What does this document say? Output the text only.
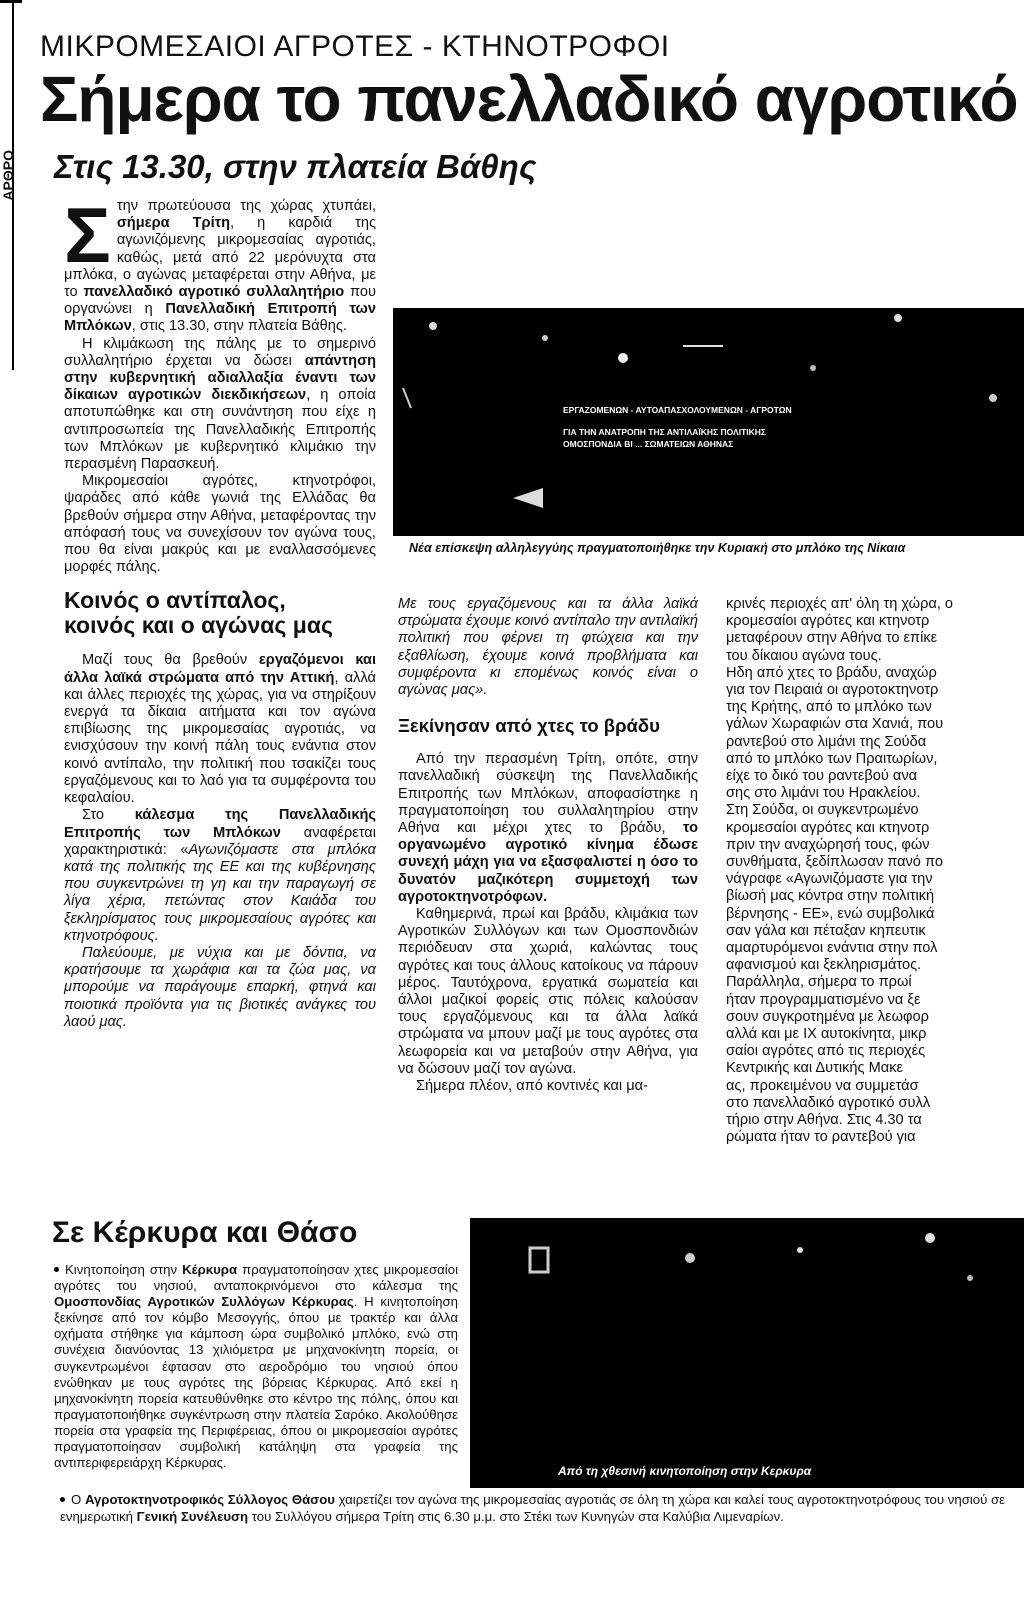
ΑΡΘΡΟ
ΜΙΚΡΟΜΕΣΑΙΟΙ ΑΓΡΟΤΕΣ - ΚΤΗΝΟΤΡΟΦΟΙ
Σήμερα το πανελλαδικό αγροτικό
Στις 13.30, στην πλατεία Βάθης

Στην πρωτεύουσα της χώρας χτυπάει, σήμερα Τρίτη, η καρδιά της αγωνιζόμενης μικρομεσαίας αγροτιάς, καθώς, μετά από 22 μερόνυχτα στα μπλόκα, ο αγώνας μεταφέρεται στην Αθήνα, με το πανελλαδικό αγροτικό συλλαλητήριο που οργανώνει η Πανελλαδική Επιτροπή των Μπλόκων, στις 13.30, στην πλατεία Βάθης.

Η κλιμάκωση της πάλης με το σημερινό συλλαλητήριο έρχεται να δώσει απάντηση στην κυβερνητική αδιαλλαξία έναντι των δίκαιων αγροτικών διεκδικήσεων, η οποία αποτυπώθηκε και στη συνάντηση που είχε η αντιπροσωπεία της Πανελλαδικής Επιτροπής των Μπλόκων με κυβερνητικό κλιμάκιο την περασμένη Παρασκευή.

Μικρομεσαίοι αγρότες, κτηνοτρόφοι, ψαράδες από κάθε γωνιά της Ελλάδας θα βρεθούν σήμερα στην Αθήνα, μεταφέροντας την απόφασή τους να συνεχίσουν τον αγώνα τους, που θα είναι μακρύς και με εναλλασσόμενες μορφές πάλης.

Κοινός ο αντίπαλος,
κοινός και ο αγώνας μας

Μαζί τους θα βρεθούν εργαζόμενοι και άλλα λαϊκά στρώματα από την Αττική, αλλά και άλλες περιοχές της χώρας, για να στηρίξουν ενεργά τα δίκαια αιτήματα και τον αγώνα επιβίωσης της μικρομεσαίας αγροτιάς, να ενισχύσουν την κοινή πάλη τους ενάντια στον κοινό αντίπαλο, την πολιτική που τσακίζει τους εργαζόμενους και το λαό για τα συμφέροντα του κεφαλαίου.

Στο κάλεσμα της Πανελλαδικής Επιτροπής των Μπλόκων αναφέρεται χαρακτηριστικά: «Αγωνιζόμαστε στα μπλόκα κατά της πολιτικής της ΕΕ και της κυβέρνησης που συγκεντρώνει τη γη και την παραγωγή σε λίγα χέρια, πετώντας στον Καιάδα του ξεκληρίσματος τους μικρομεσαίους αγρότες και κτηνοτρόφους.

Παλεύουμε, με νύχια και με δόντια, να κρατήσουμε τα χωράφια και τα ζώα μας, να μπορούμε να παράγουμε επαρκή, φτηνά και ποιοτικά προϊόντα για τις βιοτικές ανάγκες του λαού μας.

ΕΡΓΑΖΟΜΕΝΩΝ - ΑΥΤΟΑΠΑΣΧΟΛΟΥΜΕΝΩΝ - ΑΓΡΟΤΩΝ
ΓΙΑ ΤΗΝ ΑΝΑΤΡΟΠΗ ΤΗΣ ΑΝΤΙΛΑΪΚΗΣ ΠΟΛΙΤΙΚΗΣ
ΟΜΟΣΠΟΝΔΙΑ ΒΙ ... ΣΩΜΑΤΕΙΩΝ ΑΘΗΝΑΣ
Νέα επίσκεψη αλληλεγγύης πραγματοποιήθηκε την Κυριακή στο μπλόκο της Νίκαια

Με τους εργαζόμενους και τα άλλα λαϊκά στρώματα έχουμε κοινό αντίπαλο την αντιλαϊκή πολιτική που φέρνει τη φτώχεια και την εξαθλίωση, έχουμε κοινά προβλήματα και συμφέροντα κι επομένως κοινός είναι ο αγώνας μας».

Ξεκίνησαν από χτες το βράδυ

Από την περασμένη Τρίτη, οπότε, στην πανελλαδική σύσκεψη της Πανελλαδικής Επιτροπής των Μπλόκων, αποφασίστηκε η πραγματοποίηση του συλλαλητηρίου στην Αθήνα και μέχρι χτες το βράδυ, το οργανωμένο αγροτικό κίνημα έδωσε συνεχή μάχη για να εξασφαλιστεί η όσο το δυνατόν μαζικότερη συμμετοχή των αγροτοκτηνοτρόφων.

Καθημερινά, πρωί και βράδυ, κλιμάκια των Αγροτικών Συλλόγων και των Ομοσπονδιών περιόδευαν στα χωριά, καλώντας τους αγρότες και τους άλλους κατοίκους να πάρουν μέρος. Ταυτόχρονα, εργατικά σωματεία και άλλοι μαζικοί φορείς στις πόλεις καλούσαν τους εργαζόμενους και τα άλλα λαϊκά στρώματα να μπουν μαζί με τους αγρότες στα λεωφορεία και να μεταβούν στην Αθήνα, για να δώσουν μαζί τον αγώνα.

Σήμερα πλέον, από κοντινές και μα-

κρινές περιοχές απ' όλη τη χώρα, ο

κρομεσαίοι αγρότες και κτηνοτρ

μεταφέρουν στην Αθήνα το επίκε

του δίκαιου αγώνα τους.

Ηδη από χτες το βράδυ, αναχώρ

για τον Πειραιά οι αγροτοκτηνοτρ

της Κρήτης, από το μπλόκο των

γάλων Χωραφιών στα Χανιά, που

ραντεβού στο λιμάνι της Σούδα

από το μπλόκο των Πραιτωρίων,

είχε το δικό του ραντεβού ανα

σης στο λιμάνι του Ηρακλείου.

Στη Σούδα, οι συγκεντρωμένο

κρομεσαίοι αγρότες και κτηνοτρ

πριν την αναχώρησή τους, φών

συνθήματα, ξεδίπλωσαν πανό πο

νάγραφε «Αγωνιζόμαστε για την

βίωσή μας κόντρα στην πολιτική

βέρνησης - ΕΕ», ενώ συμβολικά

σαν γάλα και πέταξαν κηπευτικ

αμαρτυρόμενοι ενάντια στην πολ

αφανισμού και ξεκληρισμάτος.

Παράλληλα, σήμερα το πρωί

ήταν προγραμματισμένο να ξε

σουν συγκροτημένα με λεωφορ

αλλά και με ΙΧ αυτοκίνητα, μικρ

σαίοι αγρότες από τις περιοχές

Κεντρικής και Δυτικής Μακε

ας, προκειμένου να συμμετάσ

στο πανελλαδικό αγροτικό συλλ

τήριο στην Αθήνα. Στις 4.30 τα

ρώματα ήταν το ραντεβού για

Σε Κέρκυρα και Θάσο

Κινητοποίηση στην Κέρκυρα πραγματοποίησαν χτες μικρομεσαίοι αγρότες του νησιού, ανταποκρινόμενοι στο κάλεσμα της Ομοσπονδίας Αγροτικών Συλλόγων Κέρκυρας. Η κινητοποίηση ξεκίνησε από τον κόμβο Μεσογγής, όπου με τρακτέρ και άλλα οχήματα στήθηκε για κάμποση ώρα συμβολικό μπλόκο, ενώ στη συνέχεια διανύοντας 13 χιλιόμετρα με μηχανοκίνητη πορεία, οι συγκεντρωμένοι έφτασαν στο αεροδρόμιο του νησιού όπου ενώθηκαν με τους αγρότες της βόρειας Κέρκυρας. Από εκεί η μηχανοκίνητη πορεία κατευθύνθηκε στο κέντρο της πόλης, όπου και πραγματοποιήθηκε συγκέντρωση στην πλατεία Σαρόκο. Ακολούθησε πορεία στα γραφεία της Περιφέρειας, όπου οι μικρομεσαίοι αγρότες πραγματοποίησαν συμβολική κατάληψη στα γραφεία της αντιπεριφερειάρχη Κέρκυρας.

Από τη χθεσινή κινητοποίηση στην Κερκυρα

Ο Αγροτοκτηνοτροφικός Σύλλογος Θάσου χαιρετίζει τον αγώνα της μικρομεσαίας αγροτιάς σε όλη τη χώρα και καλεί τους αγροτοκτηνοτρόφους του νησιού σε ενημερωτική Γενική Συνέλευση του Συλλόγου σήμερα Τρίτη στις 6.30 μ.μ. στο Στέκι των Κυνηγών στα Καλύβια Λιμεναρίων.
